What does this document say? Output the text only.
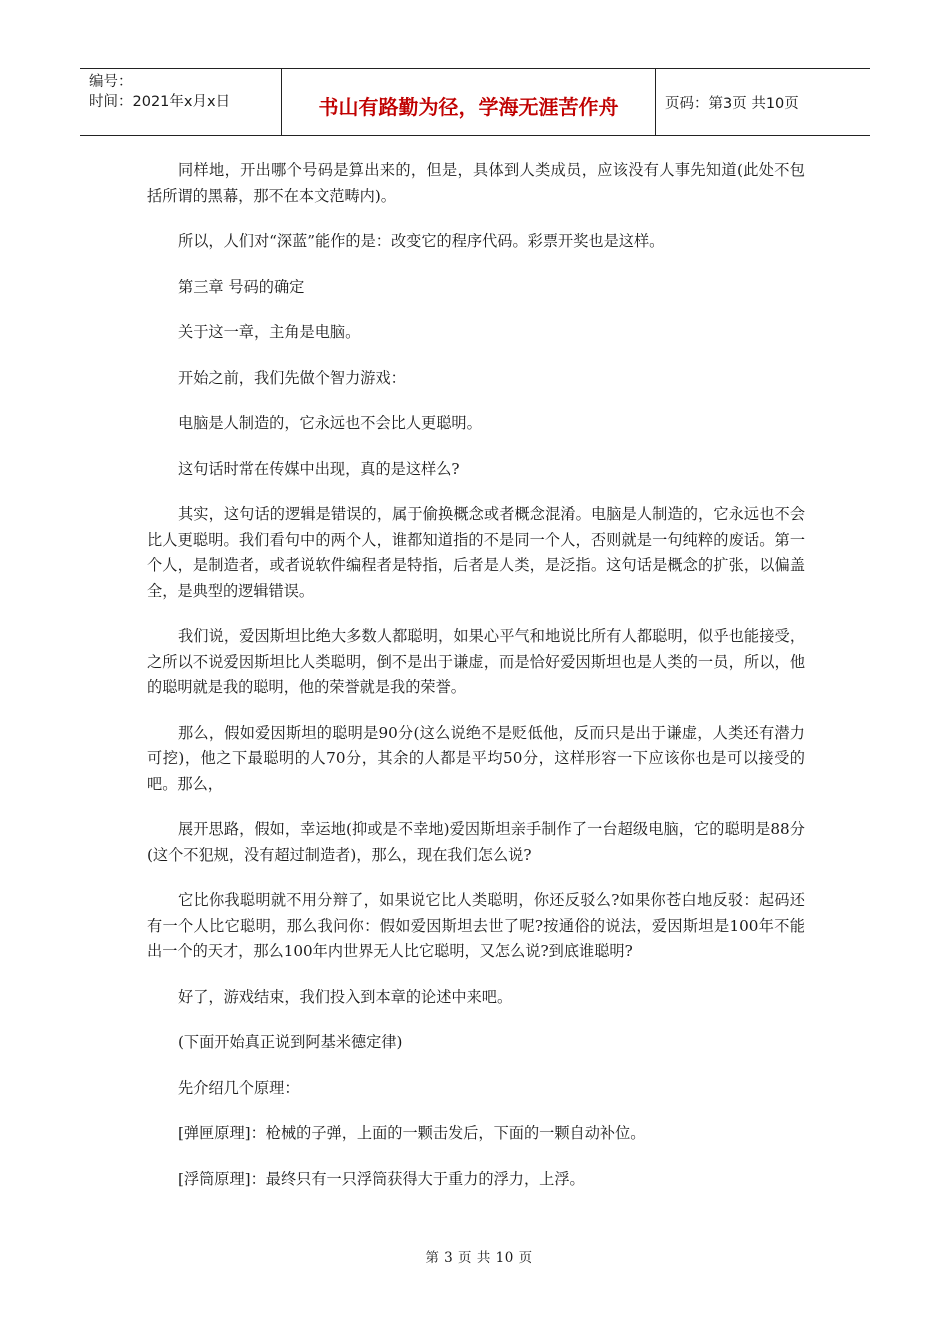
编号：
时间：2021年x月x日	书山有路勤为径，学海无涯苦作舟	页码：第3页 共10页

同样地，开出哪个号码是算出来的，但是，具体到人类成员，应该没有人事先知道(此处不包括所谓的黑幕，那不在本文范畴内)。

所以，人们对“深蓝”能作的是：改变它的程序代码。彩票开奖也是这样。

第三章 号码的确定

关于这一章，主角是电脑。

开始之前，我们先做个智力游戏：

电脑是人制造的，它永远也不会比人更聪明。

这句话时常在传媒中出现，真的是这样么?

其实，这句话的逻辑是错误的，属于偷换概念或者概念混淆。电脑是人制造的，它永远也不会比人更聪明。我们看句中的两个人，谁都知道指的不是同一个人，否则就是一句纯粹的废话。第一个人，是制造者，或者说软件编程者是特指，后者是人类，是泛指。这句话是概念的扩张，以偏盖全，是典型的逻辑错误。

我们说，爱因斯坦比绝大多数人都聪明，如果心平气和地说比所有人都聪明，似乎也能接受，之所以不说爱因斯坦比人类聪明，倒不是出于谦虚，而是恰好爱因斯坦也是人类的一员，所以，他的聪明就是我的聪明，他的荣誉就是我的荣誉。

那么，假如爱因斯坦的聪明是90分(这么说绝不是贬低他，反而只是出于谦虚，人类还有潜力可挖)，他之下最聪明的人70分，其余的人都是平均50分，这样形容一下应该你也是可以接受的吧。那么，

展开思路，假如，幸运地(抑或是不幸地)爱因斯坦亲手制作了一台超级电脑，它的聪明是88分(这个不犯规，没有超过制造者)，那么，现在我们怎么说?

它比你我聪明就不用分辩了，如果说它比人类聪明，你还反驳么?如果你苍白地反驳：起码还有一个人比它聪明，那么我问你：假如爱因斯坦去世了呢?按通俗的说法，爱因斯坦是100年不能出一个的天才，那么100年内世界无人比它聪明，又怎么说?到底谁聪明?

好了，游戏结束，我们投入到本章的论述中来吧。

(下面开始真正说到阿基米德定律)

先介绍几个原理：

[弹匣原理]：枪械的子弹，上面的一颗击发后，下面的一颗自动补位。

[浮筒原理]：最终只有一只浮筒获得大于重力的浮力，上浮。

第 3 页 共 10 页
